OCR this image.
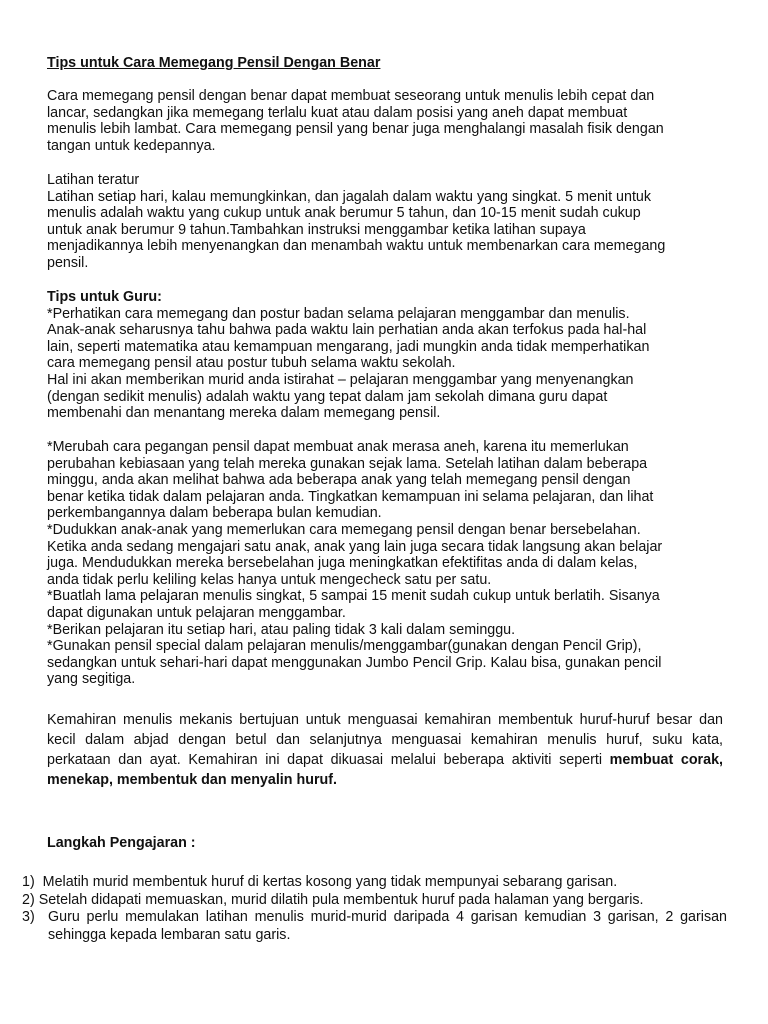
Tips untuk Cara Memegang Pensil Dengan Benar
Cara memegang pensil dengan benar dapat membuat seseorang untuk menulis lebih cepat dan
lancar, sedangkan jika memegang terlalu kuat atau dalam posisi yang aneh dapat membuat
menulis lebih lambat. Cara memegang pensil yang benar juga menghalangi masalah fisik dengan
tangan untuk kedepannya.
Latihan teratur
Latihan setiap hari, kalau memungkinkan, dan jagalah dalam waktu yang singkat. 5 menit untuk
menulis adalah waktu yang cukup untuk anak berumur 5 tahun, dan 10-15 menit sudah cukup
untuk anak berumur 9 tahun.Tambahkan instruksi menggambar ketika latihan supaya
menjadikannya lebih menyenangkan dan menambah waktu untuk membenarkan cara memegang
pensil.
Tips untuk Guru:
*Perhatikan cara memegang dan postur badan selama pelajaran menggambar dan menulis.
Anak-anak seharusnya tahu bahwa pada waktu lain perhatian anda akan terfokus pada hal-hal
lain, seperti matematika atau kemampuan mengarang, jadi mungkin anda tidak memperhatikan
cara memegang pensil atau postur tubuh selama waktu sekolah.
Hal ini akan memberikan murid anda istirahat – pelajaran menggambar yang menyenangkan
(dengan sedikit menulis) adalah waktu yang tepat dalam jam sekolah dimana guru dapat
membenahi dan menantang mereka dalam memegang pensil.
*Merubah cara pegangan pensil dapat membuat anak merasa aneh, karena itu memerlukan
perubahan kebiasaan yang telah mereka gunakan sejak lama. Setelah latihan dalam beberapa
minggu, anda akan melihat bahwa ada beberapa anak yang telah memegang pensil dengan
benar ketika tidak dalam pelajaran anda. Tingkatkan kemampuan ini selama pelajaran, dan lihat
perkembangannya dalam beberapa bulan kemudian.
*Dudukkan anak-anak yang memerlukan cara memegang pensil dengan benar bersebelahan.
Ketika anda sedang mengajari satu anak, anak yang lain juga secara tidak langsung akan belajar
juga. Mendudukkan mereka bersebelahan juga meningkatkan efektifitas anda di dalam kelas,
anda tidak perlu keliling kelas hanya untuk mengecheck satu per satu.
*Buatlah lama pelajaran menulis singkat, 5 sampai 15 menit sudah cukup untuk berlatih. Sisanya
dapat digunakan untuk pelajaran menggambar.
*Berikan pelajaran itu setiap hari, atau paling tidak 3 kali dalam seminggu.
*Gunakan pensil special dalam pelajaran menulis/menggambar(gunakan dengan Pencil Grip),
sedangkan untuk sehari-hari dapat menggunakan Jumbo Pencil Grip. Kalau bisa, gunakan pencil
yang segitiga.
Kemahiran menulis mekanis bertujuan untuk menguasai kemahiran membentuk huruf-huruf besar dan kecil dalam abjad dengan betul dan selanjutnya menguasai kemahiran menulis huruf, suku kata, perkataan dan ayat. Kemahiran ini dapat dikuasai melalui beberapa aktiviti seperti membuat corak, menekap, membentuk dan menyalin huruf.
Langkah Pengajaran :
1) Melatih murid membentuk huruf di kertas kosong yang tidak mempunyai sebarang garisan.
2) Setelah didapati memuaskan, murid dilatih pula membentuk huruf pada halaman yang bergaris.
3) Guru perlu memulakan latihan menulis murid-murid daripada 4 garisan kemudian 3 garisan, 2 garisan sehingga kepada lembaran satu garis.
